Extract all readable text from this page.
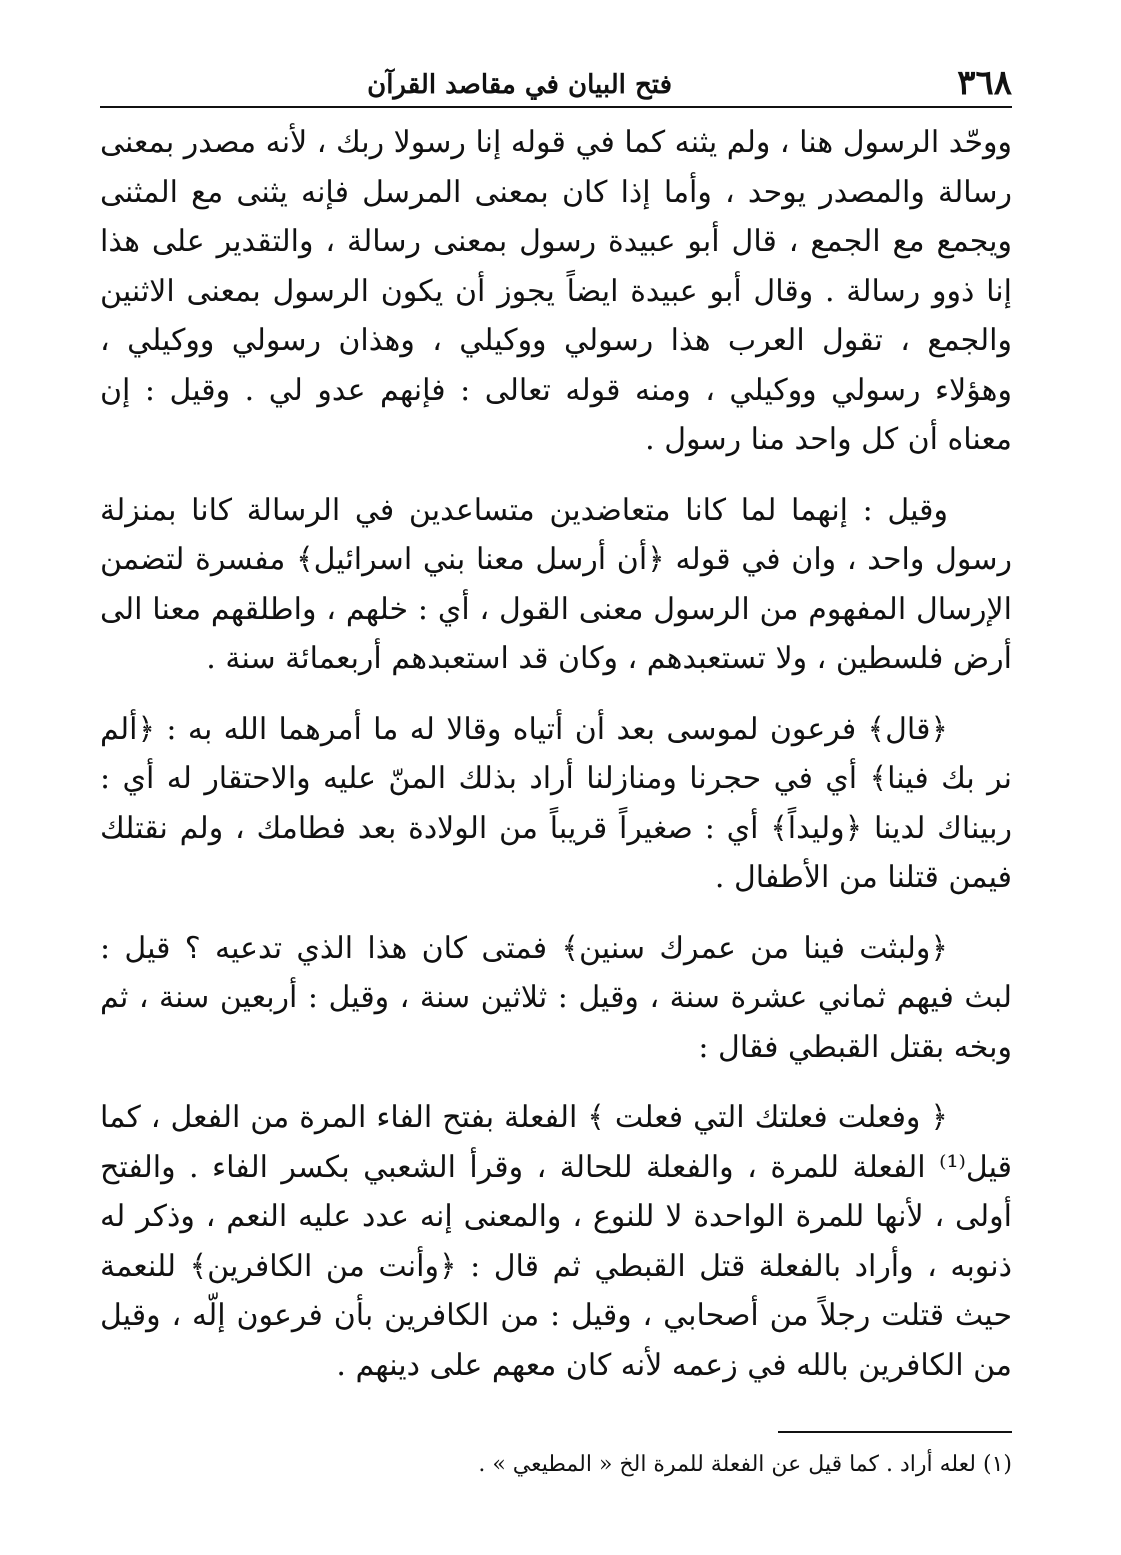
٣٦٨
فتح البيان في مقاصد القرآن

ووحّد الرسول هنا ، ولم يثنه كما في قوله إنا رسولا ربك ، لأنه مصدر بمعنى رسالة والمصدر يوحد ، وأما إذا كان بمعنى المرسل فإنه يثنى مع المثنى ويجمع مع الجمع ، قال أبو عبيدة رسول بمعنى رسالة ، والتقدير على هذا إنا ذوو رسالة . وقال أبو عبيدة ايضاً يجوز أن يكون الرسول بمعنى الاثنين والجمع ، تقول العرب هذا رسولي ووكيلي ، وهذان رسولي ووكيلي ، وهؤلاء رسولي ووكيلي ، ومنه قوله تعالى : فإنهم عدو لي . وقيل : إن معناه أن كل واحد منا رسول .

وقيل : إنهما لما كانا متعاضدين متساعدين في الرسالة كانا بمنزلة رسول واحد ، وان في قوله ﴿أن أرسل معنا بني اسرائيل﴾ مفسرة لتضمن الإرسال المفهوم من الرسول معنى القول ، أي : خلهم ، واطلقهم معنا الى أرض فلسطين ، ولا تستعبدهم ، وكان قد استعبدهم أربعمائة سنة .

﴿قال﴾ فرعون لموسى بعد أن أتياه وقالا له ما أمرهما الله به : ﴿ألم نر بك فينا﴾ أي في حجرنا ومنازلنا أراد بذلك المنّ عليه والاحتقار له أي : ربيناك لدينا ﴿وليداً﴾ أي : صغيراً قريباً من الولادة بعد فطامك ، ولم نقتلك فيمن قتلنا من الأطفال .

﴿ولبثت فينا من عمرك سنين﴾ فمتى كان هذا الذي تدعيه ؟ قيل : لبث فيهم ثماني عشرة سنة ، وقيل : ثلاثين سنة ، وقيل : أربعين سنة ، ثم وبخه بقتل القبطي فقال :

﴿ وفعلت فعلتك التي فعلت ﴾ الفعلة بفتح الفاء المرة من الفعل ، كما قيل⁽¹⁾ الفعلة للمرة ، والفعلة للحالة ، وقرأ الشعبي بكسر الفاء . والفتح أولى ، لأنها للمرة الواحدة لا للنوع ، والمعنى إنه عدد عليه النعم ، وذكر له ذنوبه ، وأراد بالفعلة قتل القبطي ثم قال : ﴿وأنت من الكافرين﴾ للنعمة حيث قتلت رجلاً من أصحابي ، وقيل : من الكافرين بأن فرعون إلّه ، وقيل من الكافرين بالله في زعمه لأنه كان معهم على دينهم .

(١) لعله أراد . كما قيل عن الفعلة للمرة الخ « المطيعي » .
